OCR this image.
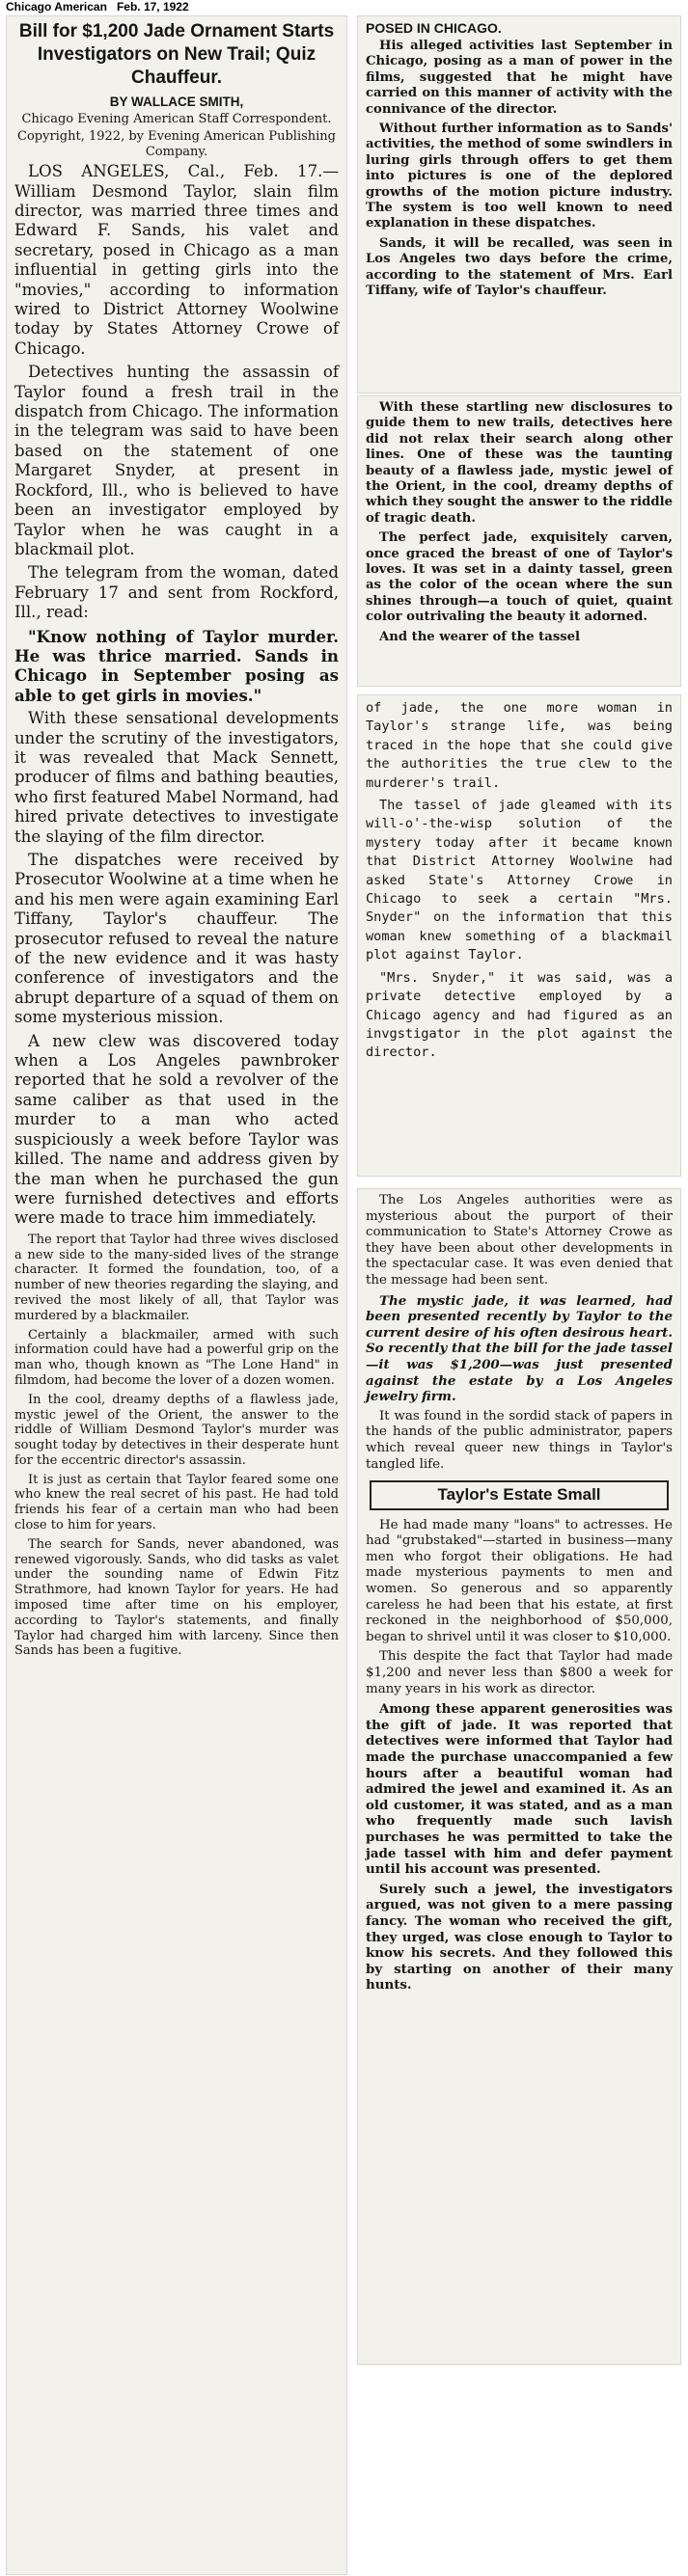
Chicago American Feb. 17, 1922
Bill for $1,200 Jade Ornament Starts Investigators on New Trail; Quiz Chauffeur.
BY WALLACE SMITH,
Chicago Evening American Staff Correspondent.
Copyright, 1922, by Evening American Publishing Company.

LOS ANGELES, Cal., Feb. 17.—William Desmond Taylor, slain film director, was married three times and Edward F. Sands, his valet and secretary, posed in Chicago as a man influential in getting girls into the "movies," according to information wired to District Attorney Woolwine today by States Attorney Crowe of Chicago.

Detectives hunting the assassin of Taylor found a fresh trail in the dispatch from Chicago. The information in the telegram was said to have been based on the statement of one Margaret Snyder, at present in Rockford, Ill., who is believed to have been an investigator employed by Taylor when he was caught in a blackmail plot.

The telegram from the woman, dated February 17 and sent from Rockford, Ill., read:

"Know nothing of Taylor murder. He was thrice married. Sands in Chicago in September posing as able to get girls in movies."

With these sensational developments under the scrutiny of the investigators, it was revealed that Mack Sennett, producer of films and bathing beauties, who first featured Mabel Normand, had hired private detectives to investigate the slaying of the film director.

The dispatches were received by Prosecutor Woolwine at a time when he and his men were again examining Earl Tiffany, Taylor's chauffeur. The prosecutor refused to reveal the nature of the new evidence and it was hasty conference of investigators and the abrupt departure of a squad of them on some mysterious mission.

A new clew was discovered today when a Los Angeles pawnbroker reported that he sold a revolver of the same caliber as that used in the murder to a man who acted suspiciously a week before Taylor was killed. The name and address given by the man when he purchased the gun were furnished detectives and efforts were made to trace him immediately.

The report that Taylor had three wives disclosed a new side to the many-sided lives of the strange character. It formed the foundation, too, of a number of new theories regarding the slaying, and revived the most likely of all, that Taylor was murdered by a blackmailer.

Certainly a blackmailer, armed with such information could have had a powerful grip on the man who, though known as "The Lone Hand" in filmdom, had become the lover of a dozen women.

In the cool, dreamy depths of a flawless jade, mystic jewel of the Orient, the answer to the riddle of William Desmond Taylor's murder was sought today by detectives in their desperate hunt for the eccentric director's assassin.

It is just as certain that Taylor feared some one who knew the real secret of his past. He had told friends his fear of a certain man who had been close to him for years.

The search for Sands, never abandoned, was renewed vigorously. Sands, who did tasks as valet under the sounding name of Edwin Fitz Strathmore, had known Taylor for years. He had imposed time after time on his employer, according to Taylor's statements, and finally Taylor had charged him with larceny. Since then Sands has been a fugitive.

POSED IN CHICAGO.

His alleged activities last September in Chicago, posing as a man of power in the films, suggested that he might have carried on this manner of activity with the connivance of the director.

Without further information as to Sands' activities, the method of some swindlers in luring girls through offers to get them into pictures is one of the deplored growths of the motion picture industry. The system is too well known to need explanation in these dispatches.

Sands, it will be recalled, was seen in Los Angeles two days before the crime, according to the statement of Mrs. Earl Tiffany, wife of Taylor's chauffeur.

With these startling new disclosures to guide them to new trails, detectives here did not relax their search along other lines. One of these was the taunting beauty of a flawless jade, mystic jewel of the Orient, in the cool, dreamy depths of which they sought the answer to the riddle of tragic death.

The perfect jade, exquisitely carven, once graced the breast of one of Taylor's loves. It was set in a dainty tassel, green as the color of the ocean where the sun shines through—a touch of quiet, quaint color outrivaling the beauty it adorned.

And the wearer of the tassel

of jade, the one more woman in Taylor's strange life, was being traced in the hope that she could give the authorities the true clew to the murderer's trail.

The tassel of jade gleamed with its will-o'-the-wisp solution of the mystery today after it became known that District Attorney Woolwine had asked State's Attorney Crowe in Chicago to seek a certain "Mrs. Snyder" on the information that this woman knew something of a blackmail plot against Taylor.

"Mrs. Snyder," it was said, was a private detective employed by a Chicago agency and had figured as an invgstigator in the plot against the director.

The Los Angeles authorities were as mysterious about the purport of their communication to State's Attorney Crowe as they have been about other developments in the spectacular case. It was even denied that the message had been sent.

The mystic jade, it was learned, had been presented recently by Taylor to the current desire of his often desirous heart. So recently that the bill for the jade tassel—it was $1,200—was just presented against the estate by a Los Angeles jewelry firm.

It was found in the sordid stack of papers in the hands of the public administrator, papers which reveal queer new things in Taylor's tangled life.

Taylor's Estate Small

He had made many "loans" to actresses. He had "grubstaked"—started in business—many men who forgot their obligations. He had made mysterious payments to men and women. So generous and so apparently careless he had been that his estate, at first reckoned in the neighborhood of $50,000, began to shrivel until it was closer to $10,000.

This despite the fact that Taylor had made $1,200 and never less than $800 a week for many years in his work as director.

Among these apparent generosities was the gift of jade. It was reported that detectives were informed that Taylor had made the purchase unaccompanied a few hours after a beautiful woman had admired the jewel and examined it. As an old customer, it was stated, and as a man who frequently made such lavish purchases he was permitted to take the jade tassel with him and defer payment until his account was presented.

Surely such a jewel, the investigators argued, was not given to a mere passing fancy. The woman who received the gift, they urged, was close enough to Taylor to know his secrets. And they followed this by starting on another of their many hunts.
